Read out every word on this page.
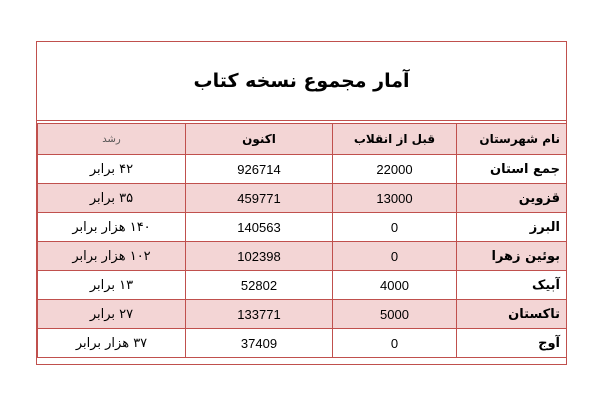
آمار مجموع نسخه کتاب
رشد	اکنون	قبل از انقلاب	نام شهرستان
۴۲ برابر	926714	22000	جمع استان
۳۵ برابر	459771	13000	قزوین
۱۴۰ هزار برابر	140563	0	البرز
۱۰۲ هزار برابر	102398	0	بوئین زهرا
۱۳ برابر	52802	4000	آبیک
۲۷ برابر	133771	5000	تاکستان
۳۷ هزار برابر	37409	0	آوج
